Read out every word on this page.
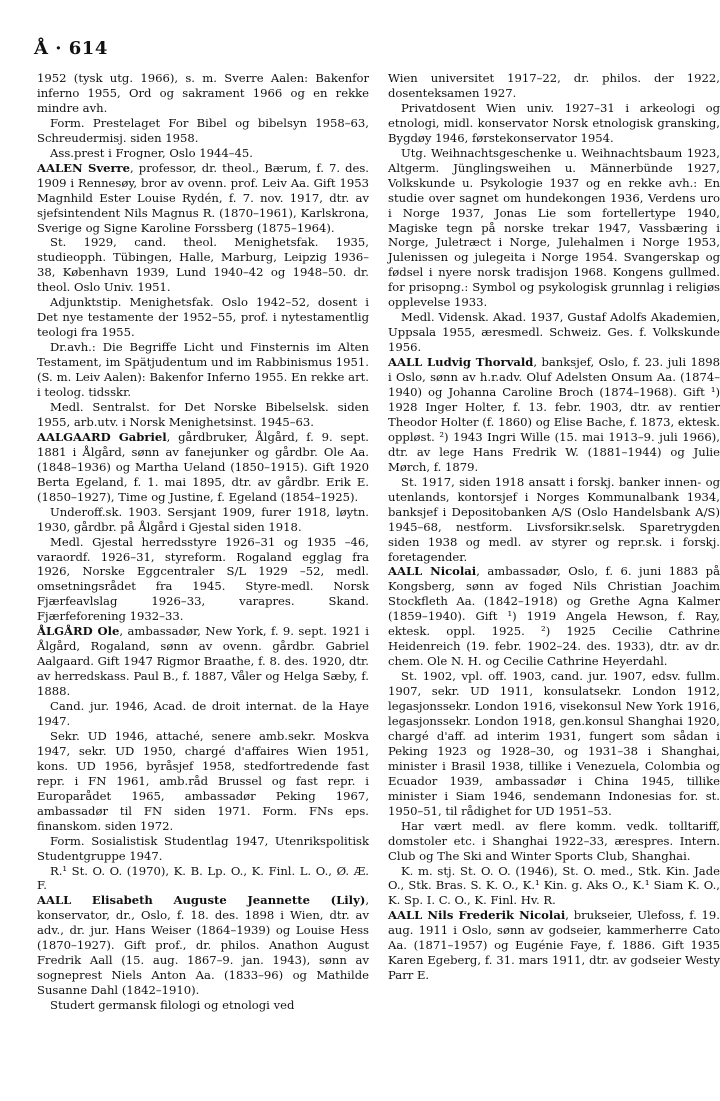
Å · 614

1952 (tysk utg. 1966), s. m. Sverre Aalen: Bakenfor inferno 1955, Ord og sakrament 1966 og en rekke mindre avh.

Form. Prestelaget For Bibel og bibelsyn 1958–63, Schreudermisj. siden 1958.

Ass.prest i Frogner, Oslo 1944–45.

AALEN Sverre, professor, dr. theol., Bærum, f. 7. des. 1909 i Rennesøy, bror av ovenn. prof. Leiv Aa. Gift 1953 Magnhild Ester Louise Rydén, f. 7. nov. 1917, dtr. av sjefsintendent Nils Magnus R. (1870–1961), Karlskrona, Sverige og Signe Karoline Forssberg (1875–1964).

St. 1929, cand. theol. Menighetsfak. 1935, studieopph. Tübingen, Halle, Marburg, Leipzig 1936–38, København 1939, Lund 1940–42 og 1948–50. dr. theol. Oslo Univ. 1951.

Adjunktstip. Menighetsfak. Oslo 1942–52, dosent i Det nye testamente der 1952–55, prof. i nytestamentlig teologi fra 1955.

Dr.avh.: Die Begriffe Licht und Finsternis im Alten Testament, im Spätjudentum und im Rabbinismus 1951. (S. m. Leiv Aalen): Bakenfor Inferno 1955. En rekke art. i teolog. tidsskr.

Medl. Sentralst. for Det Norske Bibelselsk. siden 1955, arb.utv. i Norsk Menighetsinst. 1945–63.

AALGAARD Gabriel, gårdbruker, Ålgård, f. 9. sept. 1881 i Ålgård, sønn av fanejunker og gårdbr. Ole Aa. (1848–1936) og Martha Ueland (1850–1915). Gift 1920 Berta Egeland, f. 1. mai 1895, dtr. av gårdbr. Erik E. (1850–1927), Time og Justine, f. Egeland (1854–1925).

Underoff.sk. 1903. Sersjant 1909, furer 1918, løytn. 1930, gårdbr. på Ålgård i Gjestal siden 1918.

Medl. Gjestal herredsstyre 1926–31 og 1935 –46, varaordf. 1926–31, styreform. Rogaland egglag fra 1926, Norske Eggcentraler S/L 1929 –52, medl. omsetningsrådet fra 1945. Styre-medl. Norsk Fjærfeavlslag 1926–33, varapres. Skand. Fjærfeforening 1932–33.

ÅLGÅRD Ole, ambassadør, New York, f. 9. sept. 1921 i Ålgård, Rogaland, sønn av ovenn. gårdbr. Gabriel Aalgaard. Gift 1947 Rigmor Braathe, f. 8. des. 1920, dtr. av herredskass. Paul B., f. 1887, Våler og Helga Sæby, f. 1888.

Cand. jur. 1946, Acad. de droit internat. de la Haye 1947.

Sekr. UD 1946, attaché, senere amb.sekr. Moskva 1947, sekr. UD 1950, chargé d'affaires Wien 1951, kons. UD 1956, byråsjef 1958, stedfortredende fast repr. i FN 1961, amb.råd Brussel og fast repr. i Europarådet 1965, ambassadør Peking 1967, ambassadør til FN siden 1971. Form. FNs eps. finanskom. siden 1972.

Form. Sosialistisk Studentlag 1947, Utenrikspolitisk Studentgruppe 1947.

R.¹ St. O. O. (1970), K. B. Lp. O., K. Finl. L. O., Ø. Æ. F.

AALL Elisabeth Auguste Jeannette (Lily), konservator, dr., Oslo, f. 18. des. 1898 i Wien, dtr. av adv., dr. jur. Hans Weiser (1864–1939) og Louise Hess (1870–1927). Gift prof., dr. philos. Anathon August Fredrik Aall (15. aug. 1867–9. jan. 1943), sønn av sogneprest Niels Anton Aa. (1833–96) og Mathilde Susanne Dahl (1842–1910).

Studert germansk filologi og etnologi ved

Wien universitet 1917–22, dr. philos. der 1922, dosenteksamen 1927.

Privatdosent Wien univ. 1927–31 i arkeologi og etnologi, midl. konservator Norsk etnologisk gransking, Bygdøy 1946, førstekonservator 1954.

Utg. Weihnachtsgeschenke u. Weihnachtsbaum 1923, Altgerm. Jünglingsweihen u. Männerbünde 1927, Volkskunde u. Psykologie 1937 og en rekke avh.: En studie over sagnet om hundekongen 1936, Verdens uro i Norge 1937, Jonas Lie som fortellertype 1940, Magiske tegn på norske trekar 1947, Vassbæring i Norge, Juletræct i Norge, Julehalmen i Norge 1953, Julenissen og julegeita i Norge 1954. Svangerskap og fødsel i nyere norsk tradisjon 1968. Kongens gullmed. for prisopng.: Symbol og psykologisk grunnlag i religiøs opplevelse 1933.

Medl. Vidensk. Akad. 1937, Gustaf Adolfs Akademien, Uppsala 1955, æresmedl. Schweiz. Ges. f. Volkskunde 1956.

AALL Ludvig Thorvald, banksjef, Oslo, f. 23. juli 1898 i Oslo, sønn av h.r.adv. Oluf Adelsten Onsum Aa. (1874–1940) og Johanna Caroline Broch (1874–1968). Gift ¹) 1928 Inger Holter, f. 13. febr. 1903, dtr. av rentier Theodor Holter (f. 1860) og Elise Bache, f. 1873, ektesk. oppløst. ²) 1943 Ingri Wille (15. mai 1913–9. juli 1966), dtr. av lege Hans Fredrik W. (1881–1944) og Julie Mørch, f. 1879.

St. 1917, siden 1918 ansatt i forskj. banker innen- og utenlands, kontorsjef i Norges Kommunalbank 1934, banksjef i Depositobanken A/S (Oslo Handelsbank A/S) 1945–68, nestform. Livsforsikr.selsk. Sparetrygden siden 1938 og medl. av styrer og repr.sk. i forskj. foretagender.

AALL Nicolai, ambassadør, Oslo, f. 6. juni 1883 på Kongsberg, sønn av foged Nils Christian Joachim Stockfleth Aa. (1842–1918) og Grethe Agna Kalmer (1859–1940). Gift ¹) 1919 Angela Hewson, f. Ray, ektesk. oppl. 1925. ²) 1925 Cecilie Cathrine Heidenreich (19. febr. 1902–24. des. 1933), dtr. av dr. chem. Ole N. H. og Cecilie Cathrine Heyerdahl.

St. 1902, vpl. off. 1903, cand. jur. 1907, edsv. fullm. 1907, sekr. UD 1911, konsulatsekr. London 1912, legasjonssekr. London 1916, visekonsul New York 1916, legasjonssekr. London 1918, gen.konsul Shanghai 1920, chargé d'aff. ad interim 1931, fungert som sådan i Peking 1923 og 1928–30, og 1931–38 i Shanghai, minister i Brasil 1938, tillike i Venezuela, Colombia og Ecuador 1939, ambassadør i China 1945, tillike minister i Siam 1946, sendemann Indonesias for. st. 1950–51, til rådighet for UD 1951–53.

Har vært medl. av flere komm. vedk. tolltariff, domstoler etc. i Shanghai 1922–33, ærespres. Intern. Club og The Ski and Winter Sports Club, Shanghai.

K. m. stj. St. O. O. (1946), St. O. med., Stk. Kin. Jade O., Stk. Bras. S. K. O., K.¹ Kin. g. Aks O., K.¹ Siam K. O., K. Sp. I. C. O., K. Finl. Hv. R.

AALL Nils Frederik Nicolai, brukseier, Ulefoss, f. 19. aug. 1911 i Oslo, sønn av godseier, kammerherre Cato Aa. (1871–1957) og Eugénie Faye, f. 1886. Gift 1935 Karen Egeberg, f. 31. mars 1911, dtr. av godseier Westy Parr E.
